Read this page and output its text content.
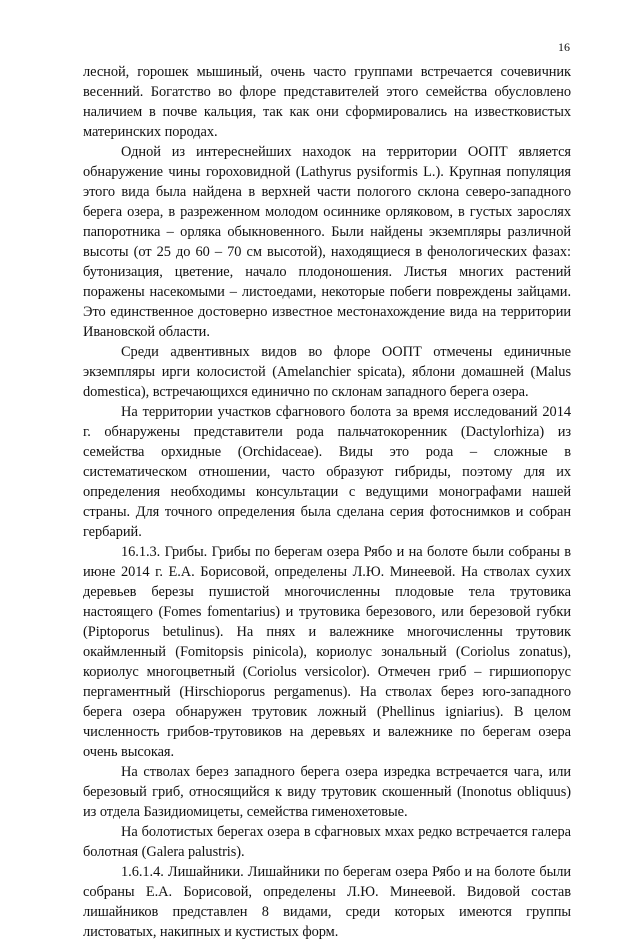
16

лесной, горошек мышиный, очень часто группами встречается сочевичник весенний. Богатство во флоре представителей этого семейства обусловлено наличием в почве кальция, так как они сформировались на известковистых материнских породах.

Одной из интереснейших находок на территории ООПТ является обнаружение чины гороховидной (Lathyrus pysiformis L.). Крупная популяция этого вида была найдена в верхней части пологого склона северо-западного берега озера, в разреженном молодом осиннике орляковом, в густых зарослях папоротника – орляка обыкновенного. Были найдены экземпляры различной высоты (от 25 до 60 – 70 см высотой), находящиеся в фенологических фазах: бутонизация, цветение, начало плодоношения. Листья многих растений поражены насекомыми – листоедами, некоторые побеги повреждены зайцами. Это единственное достоверно известное местонахождение вида на территории Ивановской области.

Среди адвентивных видов во флоре ООПТ отмечены единичные экземпляры ирги колосистой (Amelanchier spicata), яблони домашней (Malus domestica), встречающихся единично по склонам западного берега озера.

На территории участков сфагнового болота за время исследований 2014 г. обнаружены представители рода пальчатокоренник (Dactylorhiza) из семейства орхидные (Orchidaceae). Виды это рода – сложные в систематическом отношении, часто образуют гибриды, поэтому для их определения необходимы консультации с ведущими монографами нашей страны. Для точного определения была сделана серия фотоснимков и собран гербарий.

16.1.3. Грибы. Грибы по берегам озера Рябо и на болоте были собраны в июне 2014 г. Е.А. Борисовой, определены Л.Ю. Минеевой. На стволах сухих деревьев березы пушистой многочисленны плодовые тела трутовика настоящего (Fomes fomentarius) и трутовика березового, или березовой губки (Piptoporus betulinus). На пнях и валежнике многочисленны трутовик окаймленный (Fomitopsis pinicola), кориолус зональный (Coriolus zonatus), кориолус многоцветный (Coriolus versicolor). Отмечен гриб – гиршиопорус пергаментный (Hirschioporus pergamenus). На стволах берез юго-западного берега озера обнаружен трутовик ложный (Phellinus igniarius). В целом численность грибов-трутовиков на деревьях и валежнике по берегам озера очень высокая.

На стволах берез западного берега озера изредка встречается чага, или березовый гриб, относящийся к виду трутовик скошенный (Inonotus obliquus) из отдела Базидиомицеты, семейства гименохетовые.

На болотистых берегах озера в сфагновых мхах редко встречается галера болотная (Galera palustris).

1.6.1.4. Лишайники. Лишайники по берегам озера Рябо и на болоте были собраны Е.А. Борисовой, определены Л.Ю. Минеевой. Видовой состав лишайников представлен 8 видами, среди которых имеются группы листоватых, накипных и кустистых форм.
